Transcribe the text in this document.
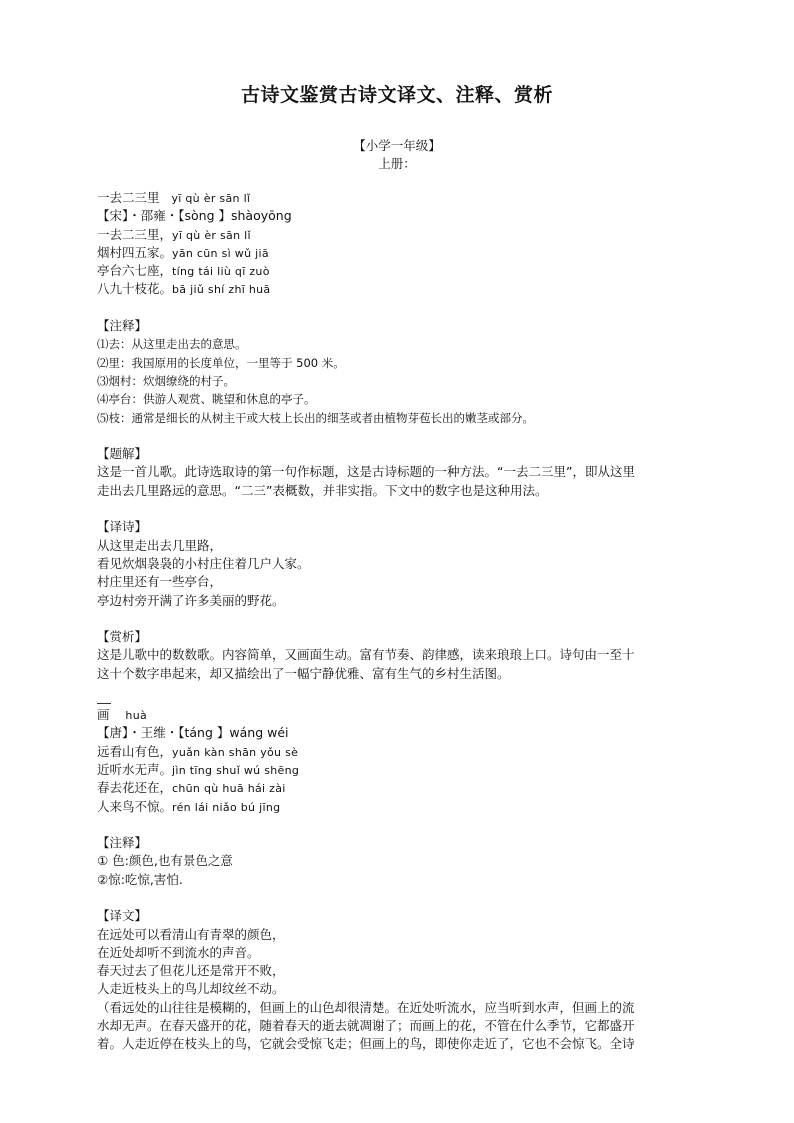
古诗文鉴赏古诗文译文、注释、赏析
【小学一年级】
上册：
一去二三里 yī qù èr sān lǐ
【宋】・邵雍・【sòng 】shàoyōng
一去二三里，yī qù èr sān lǐ
烟村四五家。yān cūn sì wǔ jiā
亭台六七座，tíng tái liù qī zuò
八九十枝花。bā jiǔ shí zhī huā
【注释】
⑴去：从这里走出去的意思。
⑵里：我国原用的长度单位，一里等于 500 米。
⑶烟村：炊烟缭绕的村子。
⑷亭台：供游人观赏、眺望和休息的亭子。
⑸枝：通常是细长的从树主干或大枝上长出的细茎或者由植物芽苞长出的嫩茎或部分。
【题解】
这是一首儿歌。此诗选取诗的第一句作标题，这是古诗标题的一种方法。“一去二三里”，即从这里
走出去几里路远的意思。“二三”表概数，并非实指。下文中的数字也是这种用法。
【译诗】
从这里走出去几里路，
看见炊烟袅袅的小村庄住着几户人家。
村庄里还有一些亭台，
亭边村旁开满了许多美丽的野花。
【赏析】
这是儿歌中的数数歌。内容简单，又画面生动。富有节奏、韵律感，读来琅琅上口。诗句由一至十
这十个数字串起来，却又描绘出了一幅宁静优雅、富有生气的乡村生活图。
画 huà
【唐】・王维・【táng 】wáng wéi
远看山有色，yuǎn kàn shān yǒu sè
近听水无声。jìn tīng shuǐ wú shēng
春去花还在，chūn qù huā hái zài
人来鸟不惊。rén lái niǎo bú jīng
【注释】
① 色:颜色,也有景色之意
②惊:吃惊,害怕.
【译文】
在远处可以看清山有青翠的颜色，
在近处却听不到流水的声音。
春天过去了但花儿还是常开不败，
人走近枝头上的鸟儿却纹丝不动。
（看远处的山往往是模糊的，但画上的山色却很清楚。在近处听流水，应当听到水声，但画上的流
水却无声。在春天盛开的花，随着春天的逝去就凋谢了；而画上的花，不管在什么季节，它都盛开
着。人走近停在枝头上的鸟，它就会受惊飞走；但画上的鸟，即使你走近了，它也不会惊飞。全诗
